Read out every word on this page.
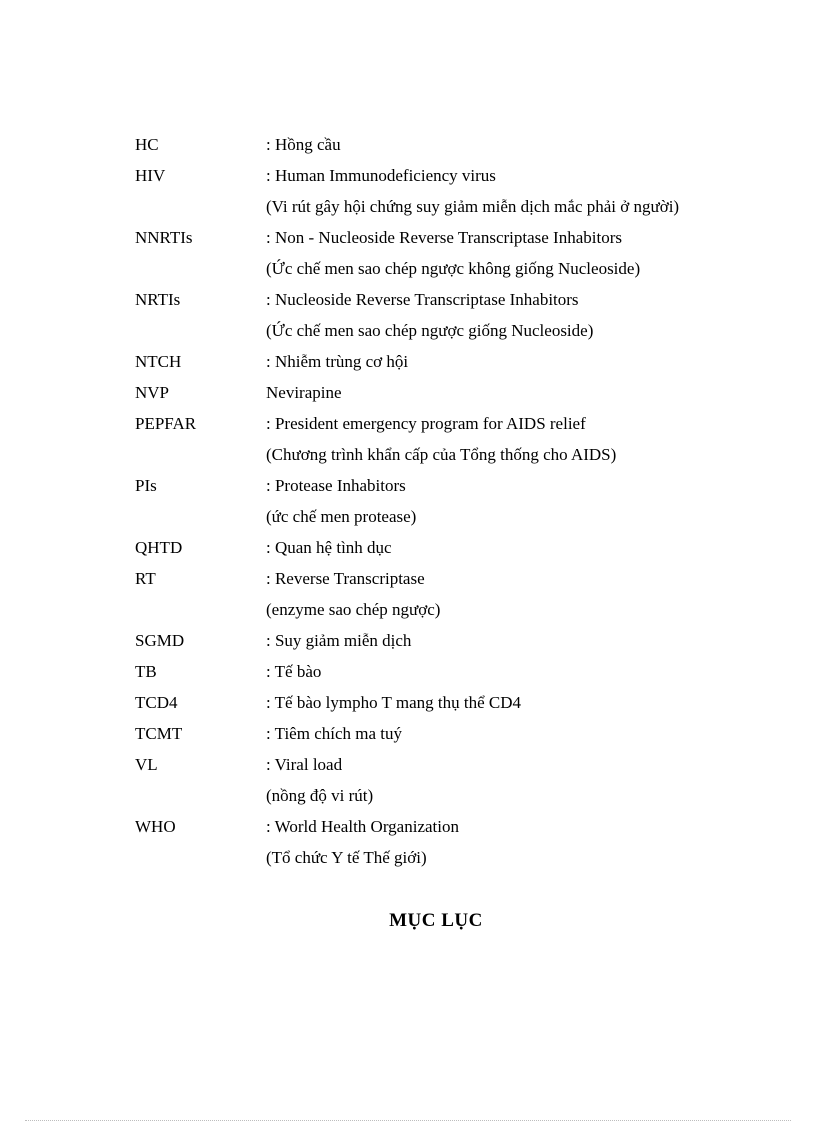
HC	: Hồng cầu
HIV	: Human Immunodeficiency virus
(Vi rút gây hội chứng suy giảm miễn dịch mắc phải ở người)
NNRTIs	: Non - Nucleoside Reverse Transcriptase Inhabitors
(Ức chế men sao chép ngược không giống Nucleoside)
NRTIs	: Nucleoside Reverse Transcriptase Inhabitors
(Ức chế men sao chép ngược giống Nucleoside)
NTCH	: Nhiễm trùng cơ hội
NVP	Nevirapine
PEPFAR	: President emergency program for AIDS relief
(Chương trình khẩn cấp của Tổng thống cho AIDS)
PIs	: Protease Inhabitors
(ức chế men protease)
QHTD	: Quan hệ tình dục
RT	: Reverse Transcriptase
(enzyme sao chép ngược)
SGMD	: Suy giảm miễn dịch
TB	: Tế bào
TCD4	: Tế bào lympho T mang thụ thể CD4
TCMT	: Tiêm chích ma tuý
VL	: Viral load
(nồng độ vi rút)
WHO	: World Health Organization
(Tổ chức Y tế Thế giới)
MỤC LỤC
